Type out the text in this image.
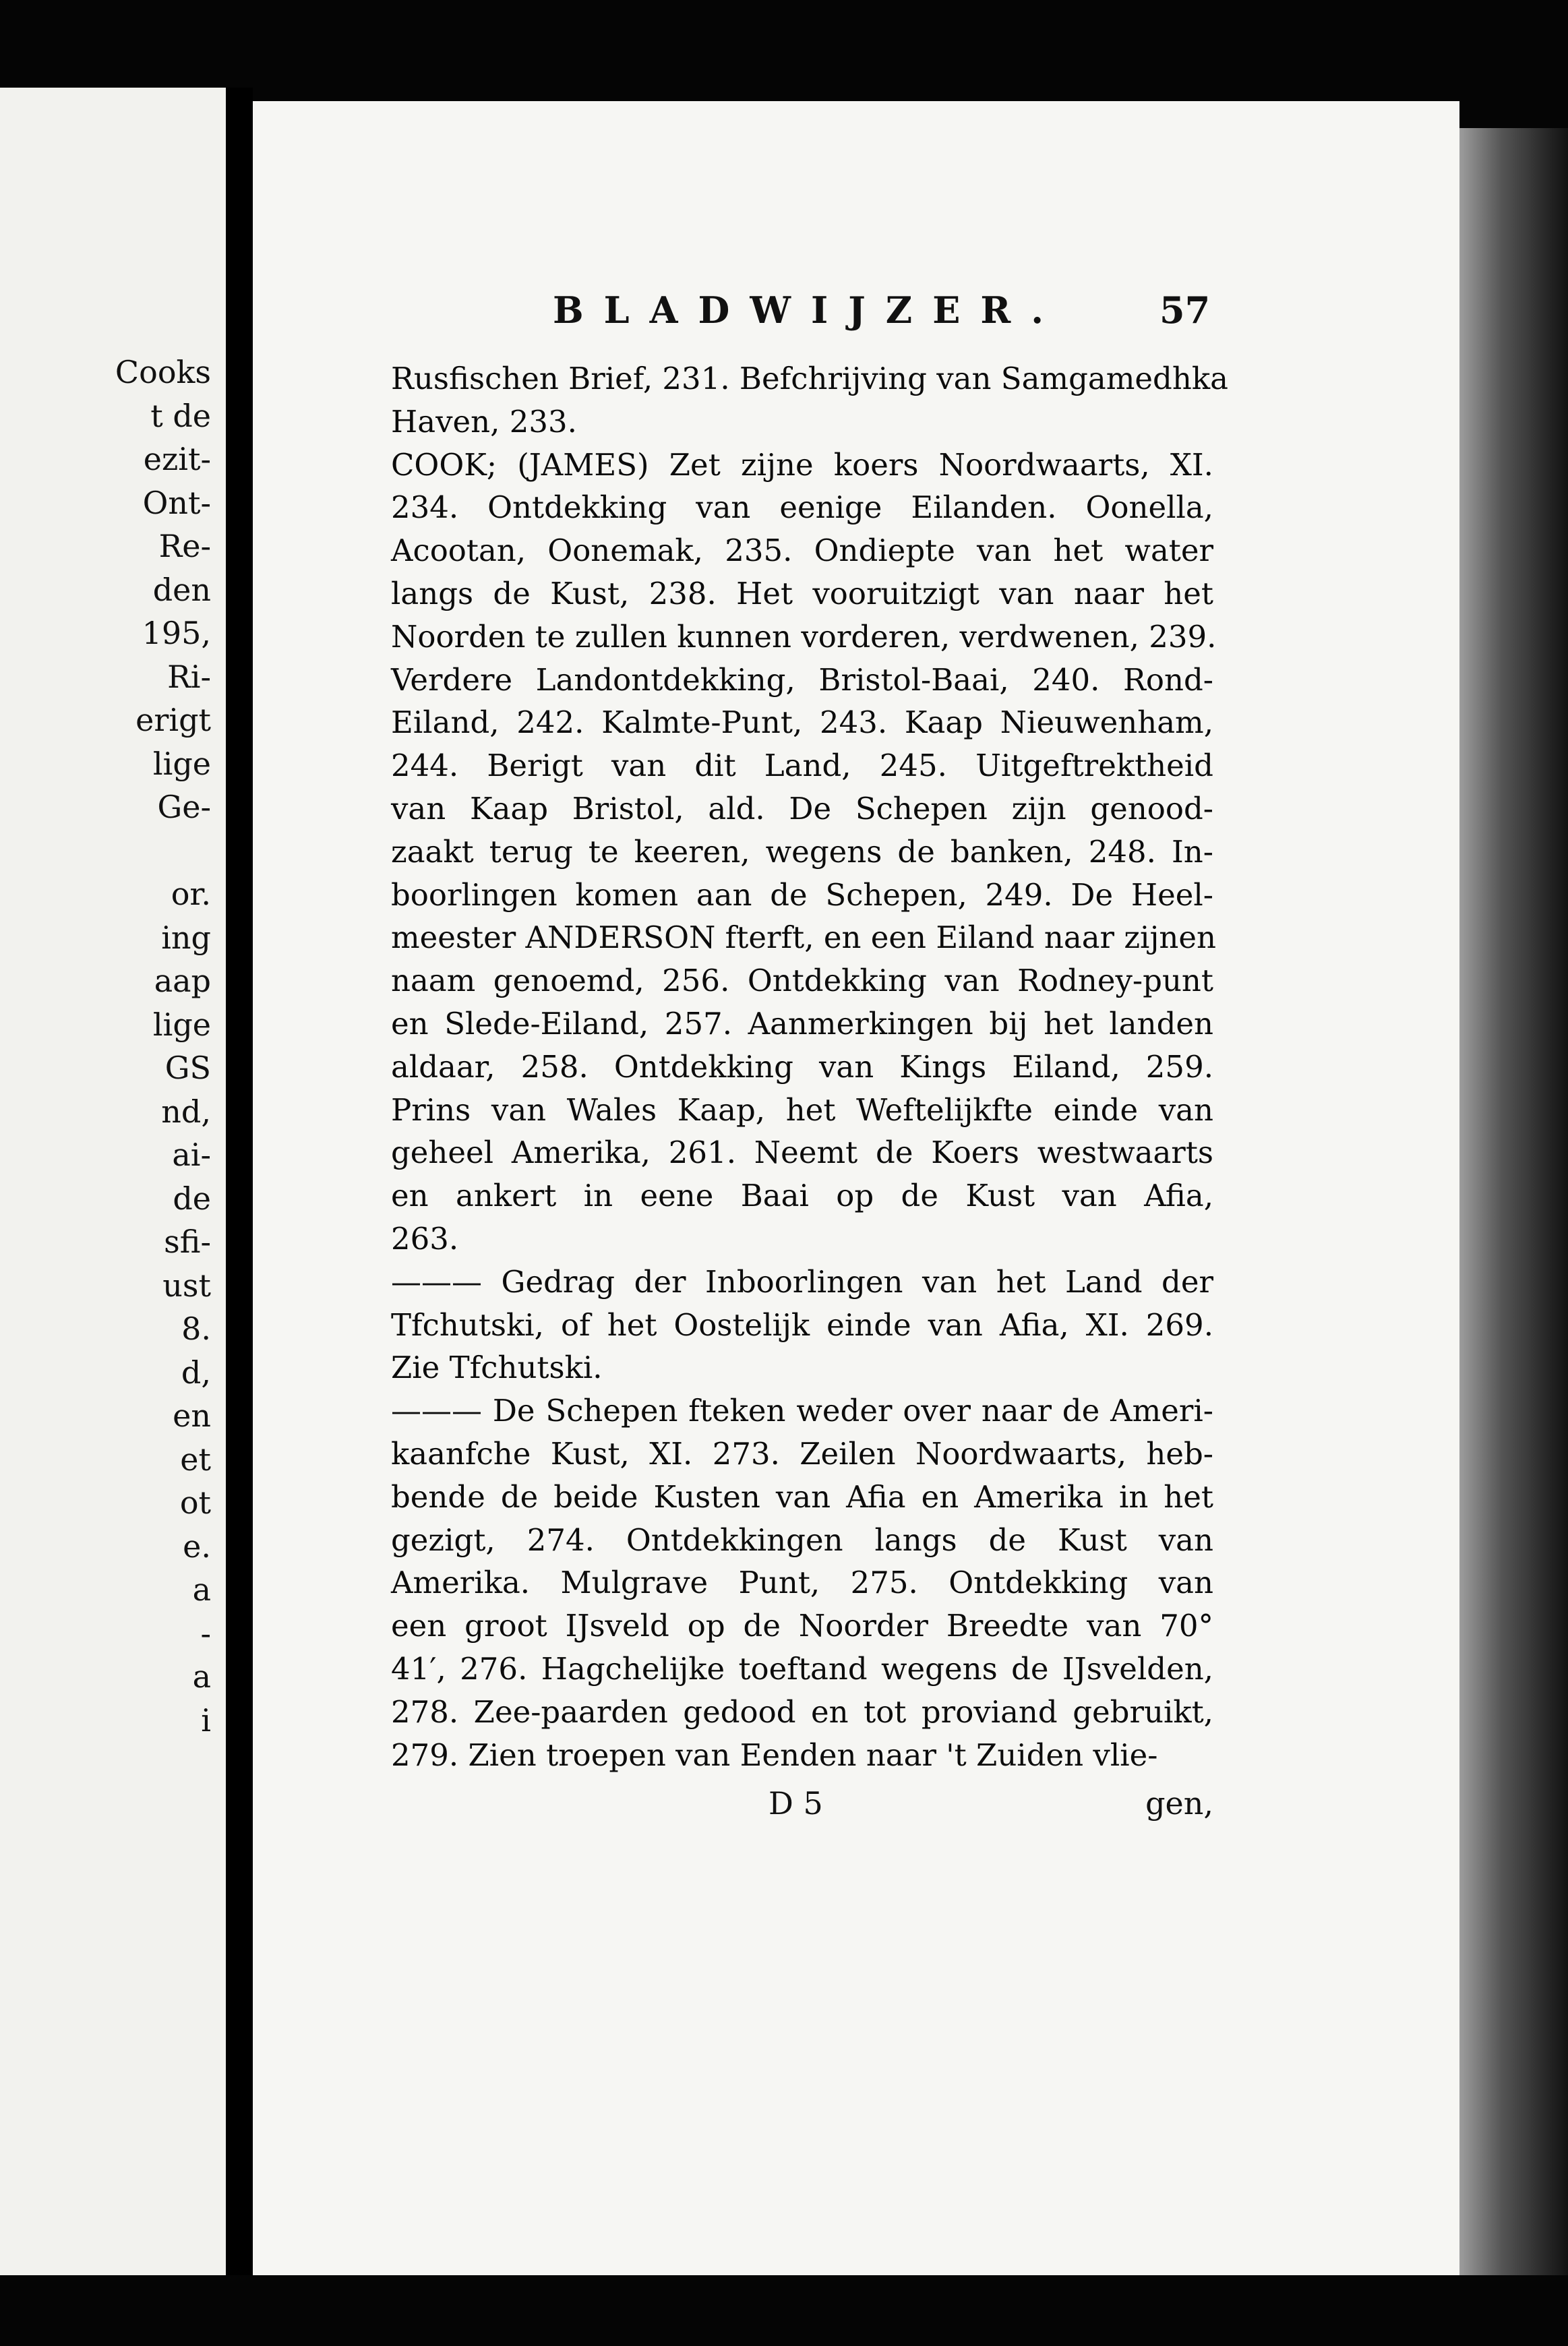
Cooks
t de
ezit-
Ont-
Re-
den
195,
Ri-
erigt
lige
Ge-
or.
ing
aap
lige
GS
nd,
ai-
de
sfi-
ust
8.
d,
en
et
ot
e.
a
-
a
i
BLADWIJZER.	57
Rusfischen Brief, 231. Befchrijving van Samgamedhka
Haven, 233.
COOK; (JAMES) Zet zijne koers Noordwaarts, XI.
234. Ontdekking van eenige Eilanden. Oonella,
Acootan, Oonemak, 235. Ondiepte van het water
langs de Kust, 238. Het vooruitzigt van naar het
Noorden te zullen kunnen vorderen, verdwenen, 239.
Verdere Landontdekking, Bristol-Baai, 240. Rond-
Eiland, 242. Kalmte-Punt, 243. Kaap Nieuwenham,
244. Berigt van dit Land, 245. Uitgeftrektheid
van Kaap Bristol, ald. De Schepen zijn genood-
zaakt terug te keeren, wegens de banken, 248. In-
boorlingen komen aan de Schepen, 249. De Heel-
meester ANDERSON fterft, en een Eiland naar zijnen
naam genoemd, 256. Ontdekking van Rodney-punt
en Slede-Eiland, 257. Aanmerkingen bij het landen
aldaar, 258. Ontdekking van Kings Eiland, 259.
Prins van Wales Kaap, het Weftelijkfte einde van
geheel Amerika, 261. Neemt de Koers westwaarts
en ankert in eene Baai op de Kust van Afia,
263.
——— Gedrag der Inboorlingen van het Land der
Tfchutski, of het Oostelijk einde van Afia, XI. 269.
Zie Tfchutski.
——— De Schepen fteken weder over naar de Ameri-
kaanfche Kust, XI. 273. Zeilen Noordwaarts, heb-
bende de beide Kusten van Afia en Amerika in het
gezigt, 274. Ontdekkingen langs de Kust van
Amerika. Mulgrave Punt, 275. Ontdekking van
een groot IJsveld op de Noorder Breedte van 70°
41′, 276. Hagchelijke toeftand wegens de IJsvelden,
278. Zee-paarden gedood en tot proviand gebruikt,
279. Zien troepen van Eenden naar 't Zuiden vlie-
D 5	gen,
